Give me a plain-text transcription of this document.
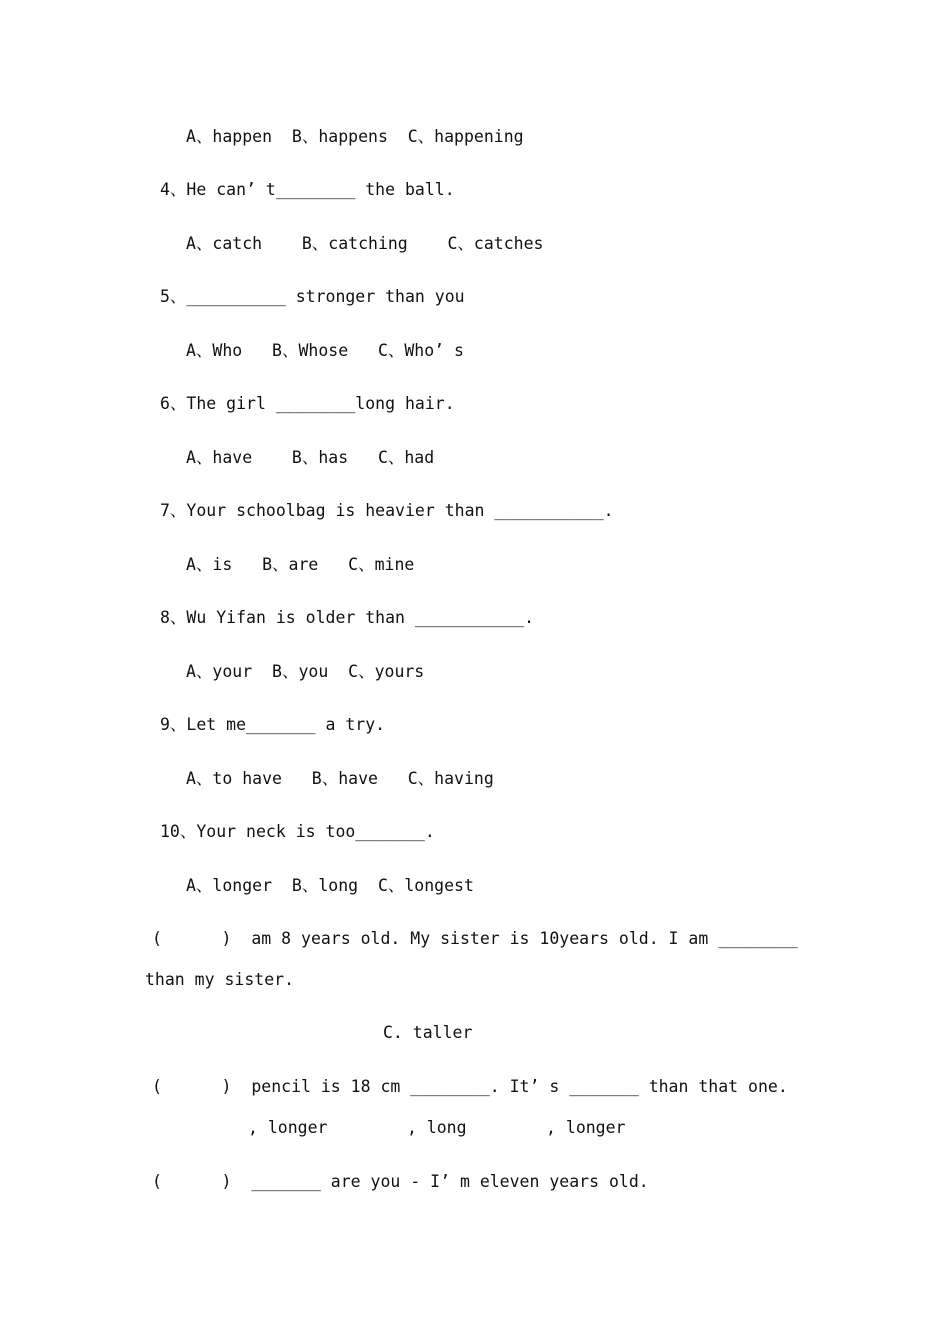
A、happen  B、happens  C、happening
4、He can’ t________ the ball.
A、catch    B、catching    C、catches
5、__________ stronger than you
A、Who   B、Whose   C、Who’ s
6、The girl ________long hair.
A、have    B、has   C、had
7、Your schoolbag is heavier than ___________.
A、is   B、are   C、mine
8、Wu Yifan is older than ___________.
A、your  B、you  C、yours
9、Let me_______ a try.
A、to have   B、have   C、having
10、Your neck is too_______.
A、longer  B、long  C、longest
(      )  am 8 years old. My sister is 10years old. I am ________
than my sister.
C. taller
(      )  pencil is 18 cm ________. It’ s _______ than that one.
, longer        , long        , longer
(      )  _______ are you - I’ m eleven years old.
